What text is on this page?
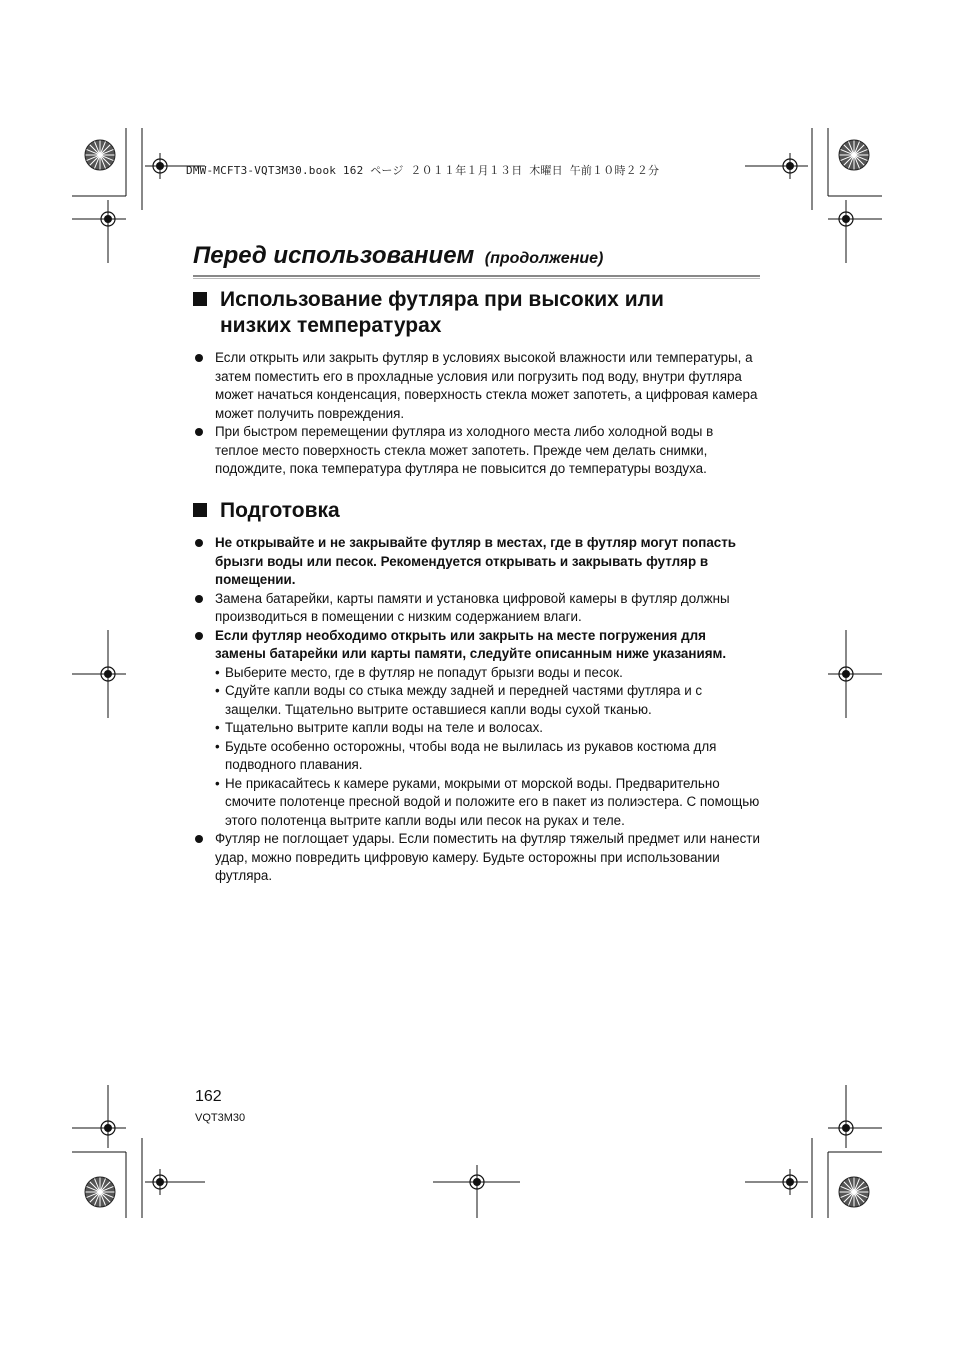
DMW-MCFT3-VQT3M30.book 162 ページ ２０１１年１月１３日 木曜日 午前１０時２２分
Перед использованием (продолжение)
Использование футляра при высоких или
низких температурах
Если открыть или закрыть футляр в условиях высокой влажности или температуры, а затем поместить его в прохладные условия или погрузить под воду, внутри футляра может начаться конденсация, поверхность стекла может запотеть, а цифровая камера может получить повреждения.
При быстром перемещении футляра из холодного места либо холодной воды в теплое место поверхность стекла может запотеть. Прежде чем делать снимки, подождите, пока температура футляра не повысится до температуры воздуха.
Подготовка
Не открывайте и не закрывайте футляр в местах, где в футляр могут попасть брызги воды или песок. Рекомендуется открывать и закрывать футляр в помещении.
Замена батарейки, карты памяти и установка цифровой камеры в футляр должны производиться в помещении с низким содержанием влаги.
Если футляр необходимо открыть или закрыть на месте погружения для замены батарейки или карты памяти, следуйте описанным ниже указаниям.
• Выберите место, где в футляр не попадут брызги воды и песок.
• Сдуйте капли воды со стыка между задней и передней частями футляра и с защелки. Тщательно вытрите оставшиеся капли воды сухой тканью.
• Тщательно вытрите капли воды на теле и волосах.
• Будьте особенно осторожны, чтобы вода не вылилась из рукавов костюма для подводного плавания.
• Не прикасайтесь к камере руками, мокрыми от морской воды. Предварительно смочите полотенце пресной водой и положите его в пакет из полиэстера. С помощью этого полотенца вытрите капли воды или песок на руках и теле.
Футляр не поглощает удары. Если поместить на футляр тяжелый предмет или нанести удар, можно повредить цифровую камеру. Будьте осторожны при использовании футляра.
162
VQT3M30
